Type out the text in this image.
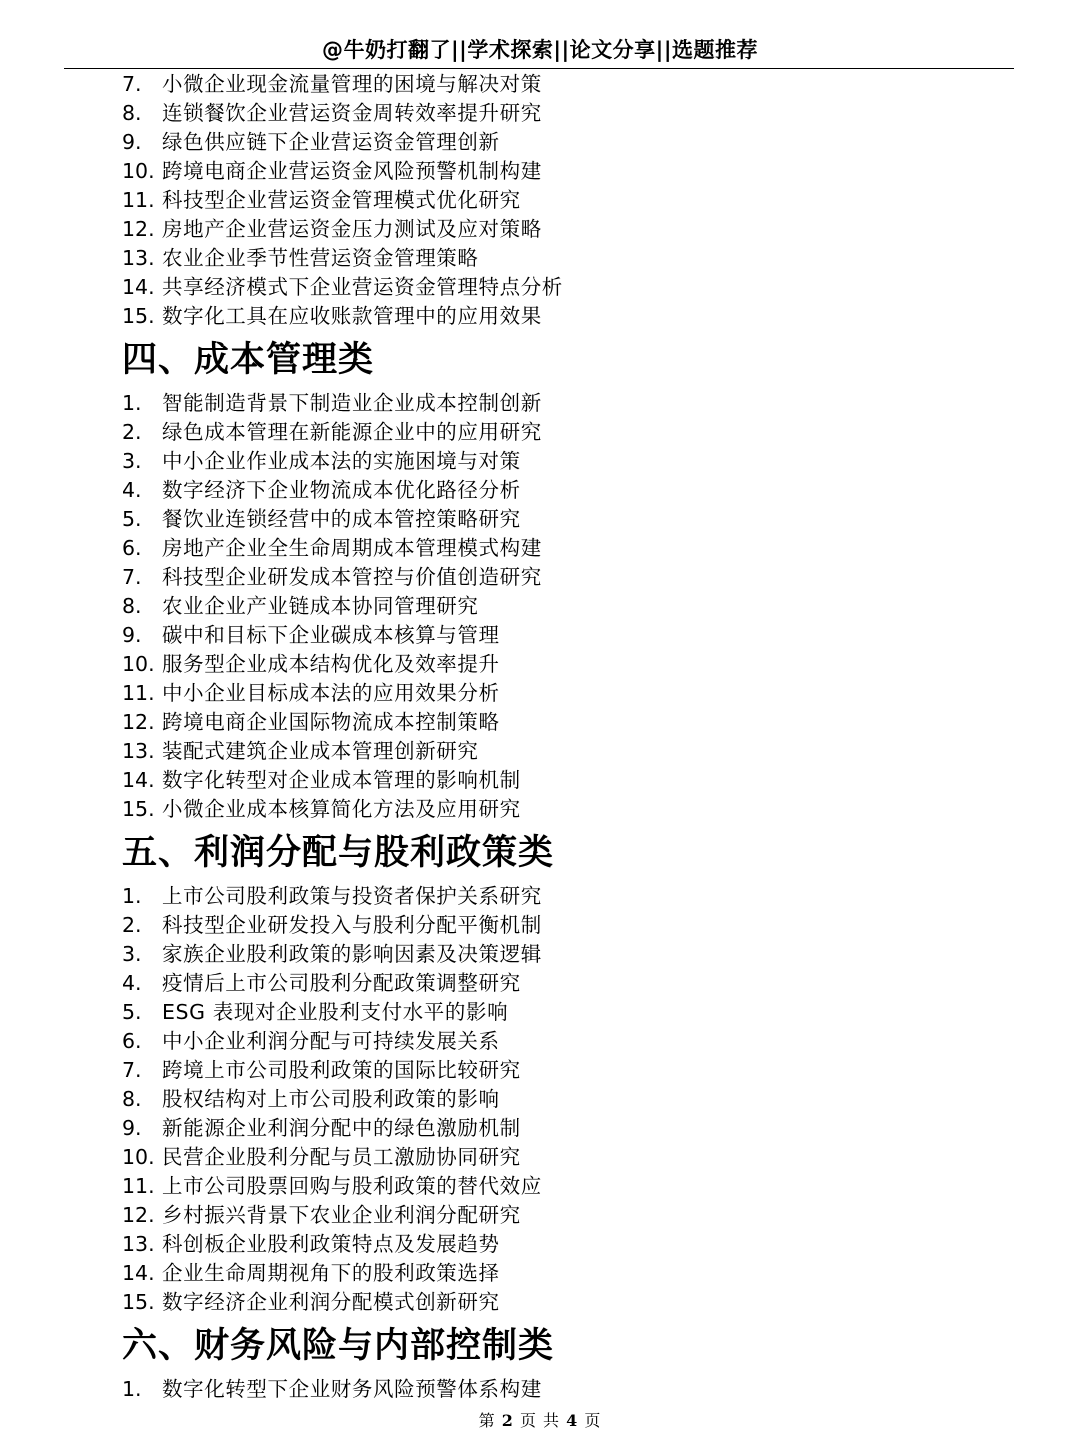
@牛奶打翻了||学术探索||论文分享||选题推荐
7. 小微企业现金流量管理的困境与解决对策
8. 连锁餐饮企业营运资金周转效率提升研究
9. 绿色供应链下企业营运资金管理创新
10. 跨境电商企业营运资金风险预警机制构建
11. 科技型企业营运资金管理模式优化研究
12. 房地产企业营运资金压力测试及应对策略
13. 农业企业季节性营运资金管理策略
14. 共享经济模式下企业营运资金管理特点分析
15. 数字化工具在应收账款管理中的应用效果
四、成本管理类
1. 智能制造背景下制造业企业成本控制创新
2. 绿色成本管理在新能源企业中的应用研究
3. 中小企业作业成本法的实施困境与对策
4. 数字经济下企业物流成本优化路径分析
5. 餐饮业连锁经营中的成本管控策略研究
6. 房地产企业全生命周期成本管理模式构建
7. 科技型企业研发成本管控与价值创造研究
8. 农业企业产业链成本协同管理研究
9. 碳中和目标下企业碳成本核算与管理
10. 服务型企业成本结构优化及效率提升
11. 中小企业目标成本法的应用效果分析
12. 跨境电商企业国际物流成本控制策略
13. 装配式建筑企业成本管理创新研究
14. 数字化转型对企业成本管理的影响机制
15. 小微企业成本核算简化方法及应用研究
五、利润分配与股利政策类
1. 上市公司股利政策与投资者保护关系研究
2. 科技型企业研发投入与股利分配平衡机制
3. 家族企业股利政策的影响因素及决策逻辑
4. 疫情后上市公司股利分配政策调整研究
5. ESG 表现对企业股利支付水平的影响
6. 中小企业利润分配与可持续发展关系
7. 跨境上市公司股利政策的国际比较研究
8. 股权结构对上市公司股利政策的影响
9. 新能源企业利润分配中的绿色激励机制
10. 民营企业股利分配与员工激励协同研究
11. 上市公司股票回购与股利政策的替代效应
12. 乡村振兴背景下农业企业利润分配研究
13. 科创板企业股利政策特点及发展趋势
14. 企业生命周期视角下的股利政策选择
15. 数字经济企业利润分配模式创新研究
六、财务风险与内部控制类
1. 数字化转型下企业财务风险预警体系构建
第 2 页 共 4 页
